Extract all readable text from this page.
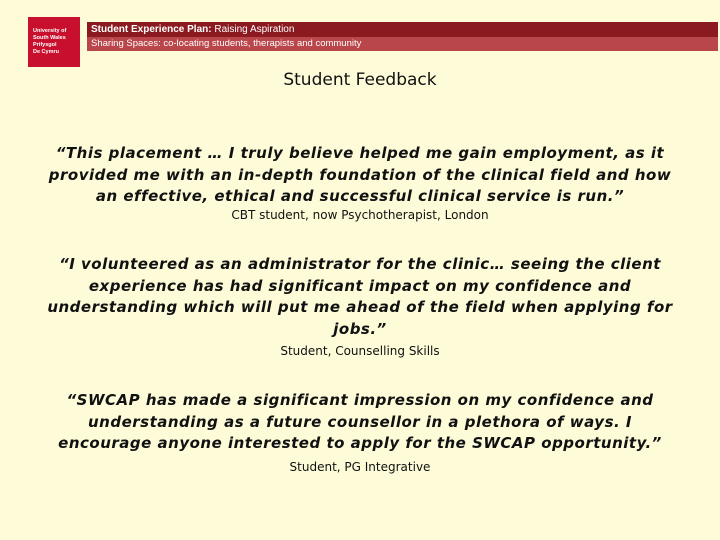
University of
South Wales
Prifysgol
De Cymru
Student Experience Plan: Raising Aspiration
Sharing Spaces: co-locating students, therapists and community
Student Feedback

“This placement … I truly believe helped me gain employment, as it provided me with an in-depth foundation of the clinical field and how an effective, ethical and successful clinical service is run.”

CBT student, now Psychotherapist, London

“I volunteered as an administrator for the clinic… seeing the client experience has had significant impact on my confidence and understanding which will put me ahead of the field when applying for jobs.”

Student, Counselling Skills

“SWCAP has made a significant impression on my confidence and understanding as a future counsellor in a plethora of ways. I encourage anyone interested to apply for the SWCAP opportunity.”

Student, PG Integrative
